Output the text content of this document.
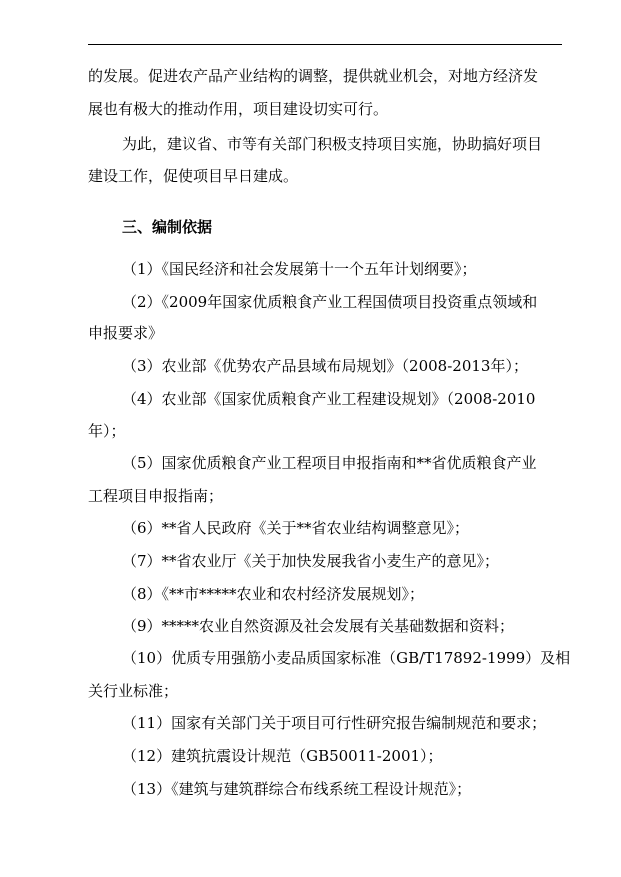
的发展。促进农产品产业结构的调整，提供就业机会，对地方经济发
展也有极大的推动作用，项目建设切实可行。
为此，建议省、市等有关部门积极支持项目实施，协助搞好项目
建设工作，促使项目早日建成。
三、编制依据
（1）《国民经济和社会发展第十一个五年计划纲要》；
（2）《2009年国家优质粮食产业工程国债项目投资重点领域和
申报要求》
（3）农业部《优势农产品县域布局规划》（2008-2013年）；
（4）农业部《国家优质粮食产业工程建设规划》（2008-2010
年）；
（5）国家优质粮食产业工程项目申报指南和**省优质粮食产业
工程项目申报指南；
（6）**省人民政府《关于**省农业结构调整意见》；
（7）**省农业厅《关于加快发展我省小麦生产的意见》；
（8）《**市*****农业和农村经济发展规划》；
（9）*****农业自然资源及社会发展有关基础数据和资料；
（10）优质专用强筋小麦品质国家标准（GB/T17892-1999）及相
关行业标准；
（11）国家有关部门关于项目可行性研究报告编制规范和要求；
（12）建筑抗震设计规范（GB50011-2001）；
（13）《建筑与建筑群综合布线系统工程设计规范》；
